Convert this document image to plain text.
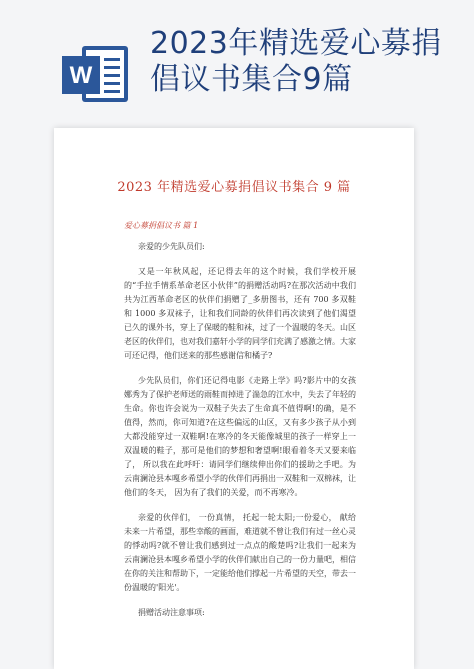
W
2023年精选爱心募捐倡议书集合9篇
2023 年精选爱心募捐倡议书集合 9 篇
爱心募捐倡议书 篇 1

亲爱的少先队员们:

又是一年秋风起，还记得去年的这个时候，我们学校开展的“手拉手情系革命老区小伙伴”的捐赠活动吗?在那次活动中我们共为江西革命老区的伙伴们捐赠了_多册图书，还有 700 多双鞋和 1000 多双袜子，让和我们同龄的伙伴们再次读到了他们渴望已久的课外书，穿上了保暖的鞋和袜，过了一个温暖的冬天。山区老区的伙伴们，也对我们嘉轩小学的同学们充满了感激之情。大家可还记得，他们送来的那些感谢信和橘子?

少先队员们，你们还记得电影《走路上学》吗?影片中的女孩娜秀为了保护老师送的雨鞋而掉进了湍急的江水中，失去了年轻的生命。你也许会说为一双鞋子失去了生命真不值得啊!的确，是不值得，然而，你可知道?在这些偏远的山区，又有多少孩子从小到大都没能穿过一双鞋啊!在寒冷的冬天能像城里的孩子一样穿上一双温暖的鞋子，那可是他们的梦想和奢望啊!眼看着冬天又要来临了， 所以我在此呼吁：请同学们继续伸出你们的援助之手吧。为云南澜沧县本嘎乡希望小学的伙伴们再捐出一双鞋和一双棉袜，让他们的冬天， 因为有了我们的关爱，而不再寒冷。

亲爱的伙伴们， 一份真情， 托起一轮太阳;一份爱心， 献给未来一片希望，那些幸酸的画面，难道就不曾让我们有过一丝心灵的悸动吗?就不曾让我们感到过一点点的酸楚吗?让我们一起来为云南澜沧县本嘎乡希望小学的伙伴们献出自己的一份力量吧，相信在你的关注和帮助下，一定能给他们撑起一片希望的天空，带去一份温暖的'阳光'。

捐赠活动注意事项:
